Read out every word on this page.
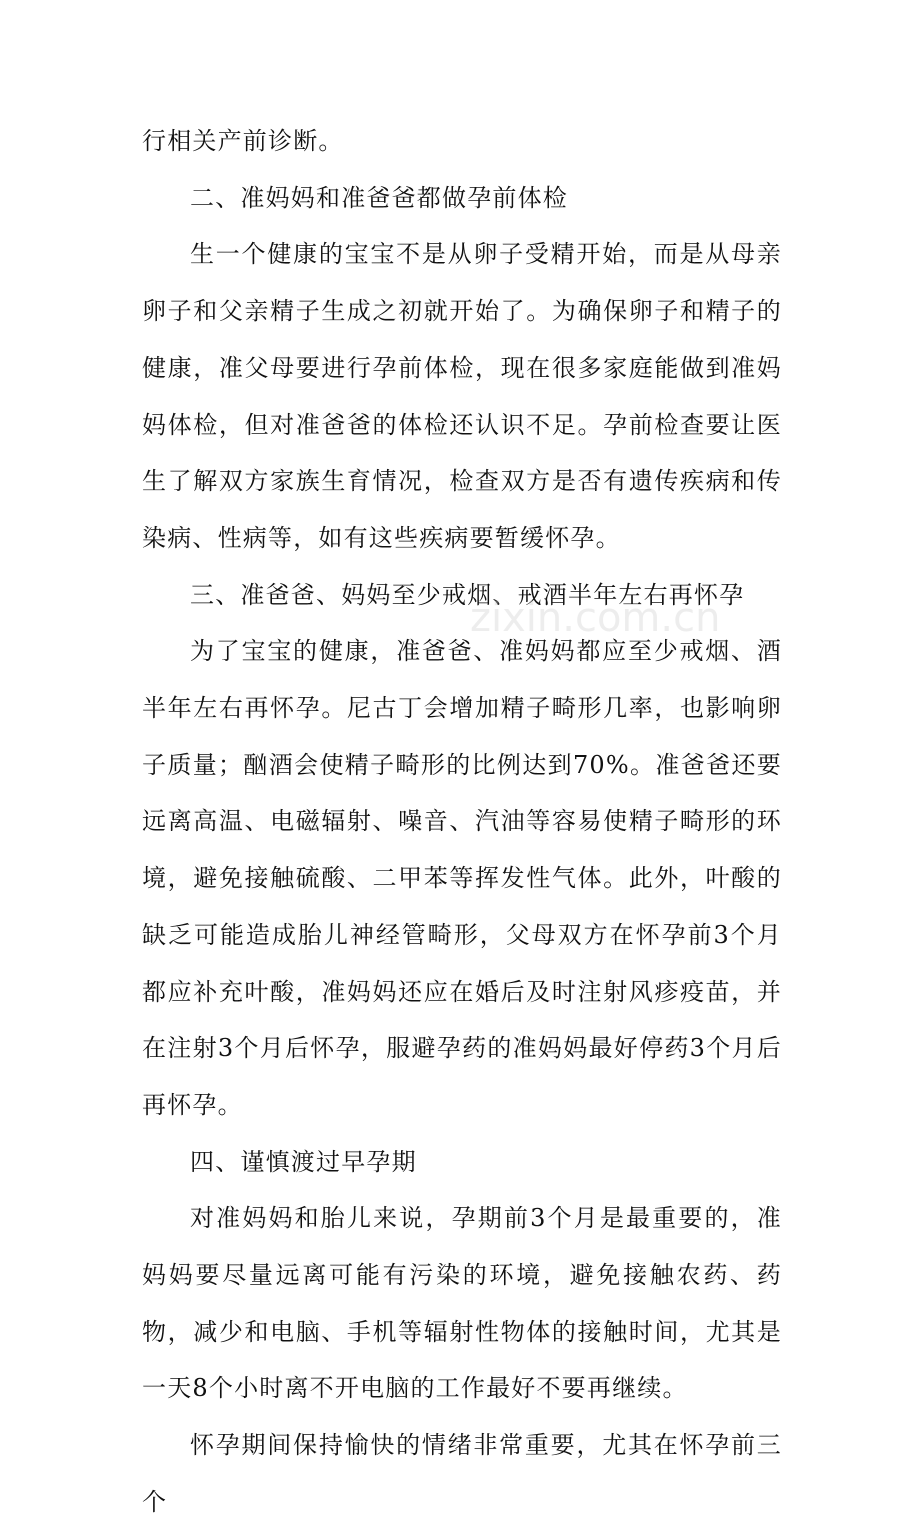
行相关产前诊断。

二、准妈妈和准爸爸都做孕前体检

生一个健康的宝宝不是从卵子受精开始，而是从母亲卵子和父亲精子生成之初就开始了。为确保卵子和精子的健康，准父母要进行孕前体检，现在很多家庭能做到准妈妈体检，但对准爸爸的体检还认识不足。孕前检查要让医生了解双方家族生育情况，检查双方是否有遗传疾病和传染病、性病等，如有这些疾病要暂缓怀孕。

三、准爸爸、妈妈至少戒烟、戒酒半年左右再怀孕

为了宝宝的健康，准爸爸、准妈妈都应至少戒烟、酒半年左右再怀孕。尼古丁会增加精子畸形几率，也影响卵子质量；酗酒会使精子畸形的比例达到70%。准爸爸还要远离高温、电磁辐射、噪音、汽油等容易使精子畸形的环境，避免接触硫酸、二甲苯等挥发性气体。此外，叶酸的缺乏可能造成胎儿神经管畸形，父母双方在怀孕前3个月都应补充叶酸，准妈妈还应在婚后及时注射风疹疫苗，并在注射3个月后怀孕，服避孕药的准妈妈最好停药3个月后再怀孕。

四、谨慎渡过早孕期

对准妈妈和胎儿来说，孕期前3个月是最重要的，准妈妈要尽量远离可能有污染的环境，避免接触农药、药物，减少和电脑、手机等辐射性物体的接触时间，尤其是一天8个小时离不开电脑的工作最好不要再继续。

怀孕期间保持愉快的情绪非常重要，尤其在怀孕前三个

zixin.com.cn
